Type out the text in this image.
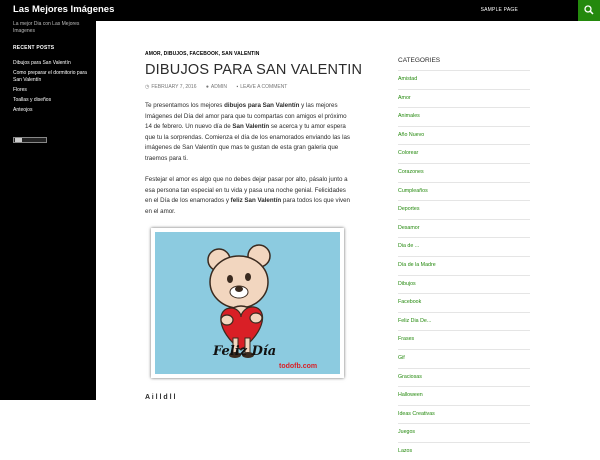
Las Mejores Imágenes	SAMPLE PAGE
La mejor Dia con Las Mejores Imagenes
RECENT POSTS
Dibujos para San Valentín
Como preparar el dormitorio para San Valentín
Flores
Toallas y diseños
Anteojos
AMOR, DIBUJOS, FACEBOOK, SAN VALENTIN
DIBUJOS PARA SAN VALENTIN
◷ FEBRUARY 7, 2016 ● ADMIN ▪ LEAVE A COMMENT

Te presentamos los mejores dibujos para San Valentín y las mejores Imágenes del Día del amor para que tu compartas con amigos el próximo 14 de febrero. Un nuevo día de San Valentín se acerca y tu amor espera que tu la sorprendas. Comienza el día de los enamorados enviando las las imágenes de San Valentín que mas te gustan de esta gran galeria que traemos para ti.

Festejar el amor es algo que no debes dejar pasar por alto, pásalo junto a esa persona tan especial en tu vida y pasa una noche genial. Felicidades en el Día de los enamorados y feliz San Valentín para todos los que viven en el amor.

Feliz Día
todofb.com
A i l l d l l
CATEGORIES
Amistad
Amor
Animales
Año Nuevo
Colorear
Corazones
Cumpleaños
Deportes
Desamor
Dia de ...
Día de la Madre
Dibujos
Facebook
Feliz Dia De...
Frases
Gif
Graciosas
Halloween
Ideas Creativas
Juegos
Lazos
